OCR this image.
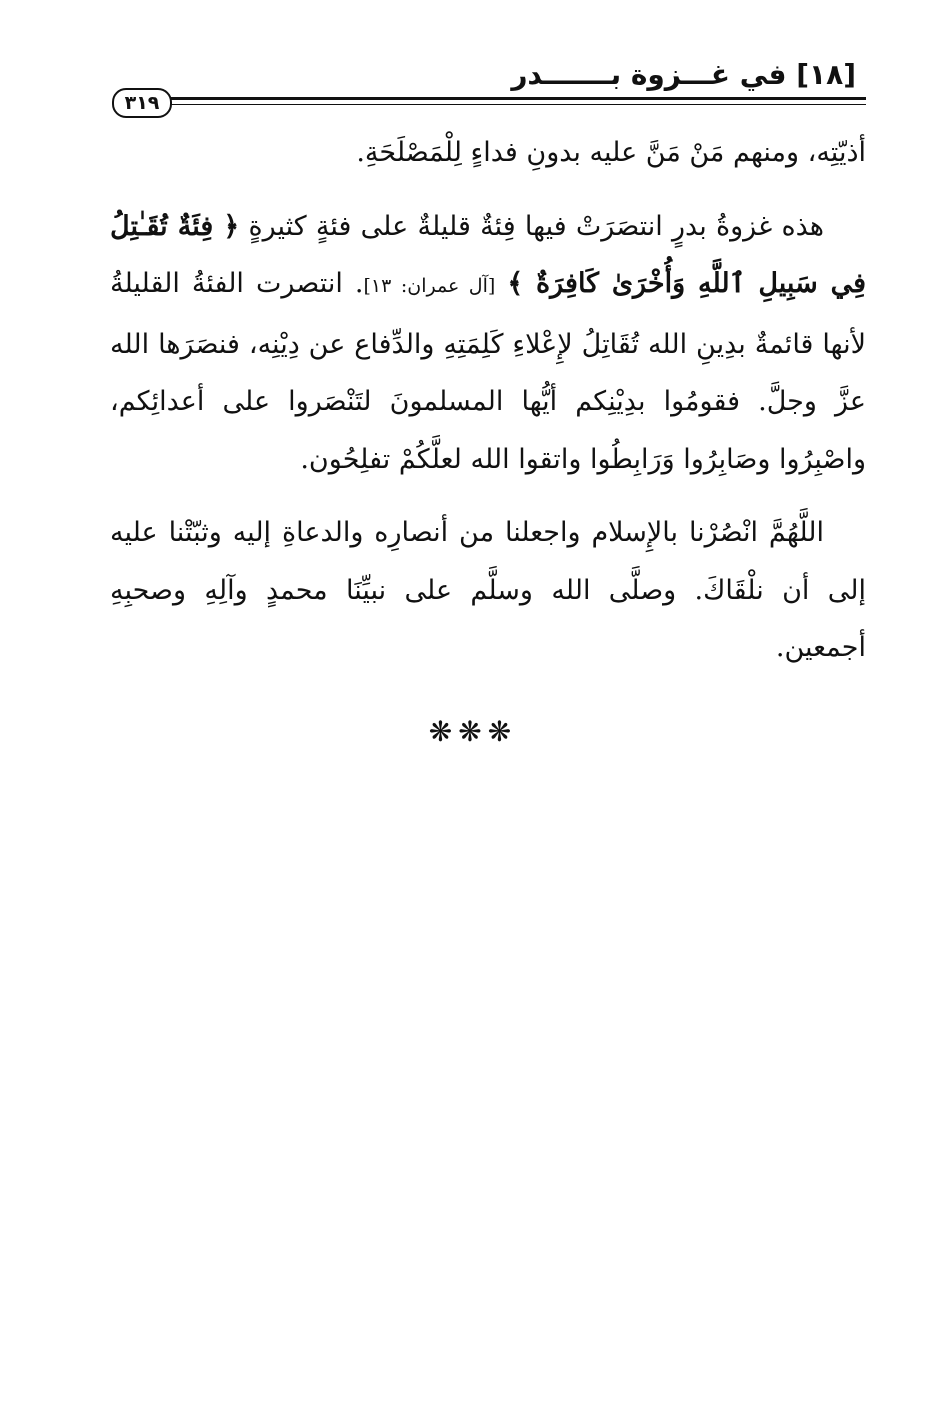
[١٨] في غـــزوة بـــــــدر
٣١٩

أذيّتِه، ومنهم مَنْ مَنَّ عليه بدونِ فداءٍ لِلْمَصْلَحَةِ.

هذه غزوةُ بدرٍ انتصَرَتْ فيها فِئةٌ قليلةٌ على فئةٍ كثيرةٍ ﴿ فِئَةٌ تُقَـٰتِلُ فِي سَبِيلِ ٱللَّهِ وَأُخْرَىٰ كَافِرَةٌ ﴾ [آل عمران: ١٣]. انتصرت الفئةُ القليلةُ لأنها قائمةٌ بدِينِ الله تُقَاتِلُ لإِعْلاءِ كَلِمَتِهِ والدِّفاع عن دِيْنِه، فنصَرَها الله عزَّ وجلَّ. فقومُوا بدِيْنِكم أيُّها المسلمونَ لتَنْصَروا على أعدائِكم، واصْبِرُوا وصَابِرُوا وَرَابِطُوا واتقوا الله لعلَّكُمْ تفلِحُون.

اللَّهُمَّ انْصُرْنا بالإِسلام واجعلنا من أنصارِه والدعاةِ إليه وثبّتْنا عليه إلى أن نلْقَاكَ. وصلَّى الله وسلَّم على نبيِّنَا محمدٍ وآلِهِ وصحبِهِ أجمعين.

❋❋❋
